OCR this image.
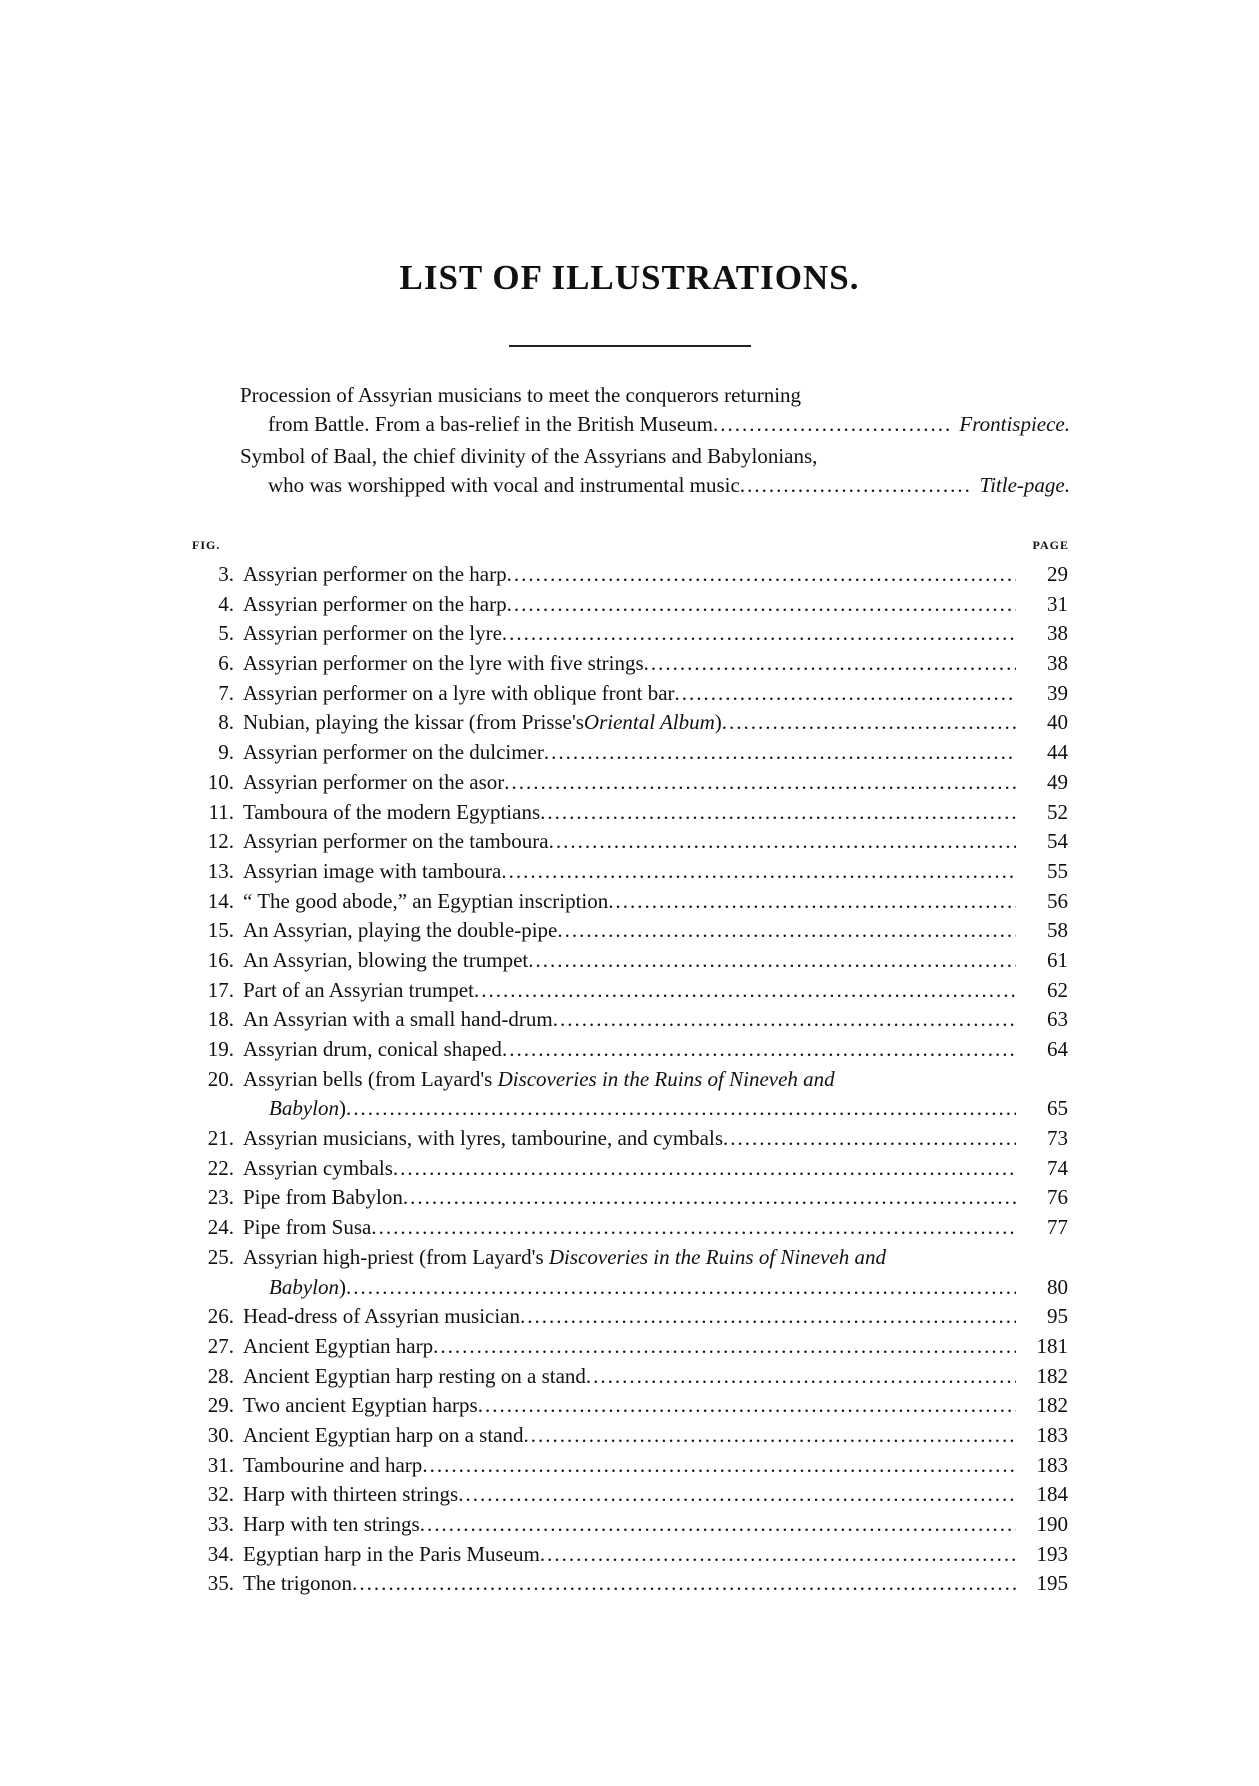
LIST OF ILLUSTRATIONS.
Procession of Assyrian musicians to meet the conquerors returning
from Battle. From a bas-relief in the British Museum .....	Frontispiece.
Symbol of Baal, the chief divinity of the Assyrians and Babylonians,
who was worshipped with vocal and instrumental music .....	Title-page.
FIG.	PAGE
3. Assyrian performer on the harp .....	29
4. Assyrian performer on the harp .....	31
5. Assyrian performer on the lyre .....	38
6. Assyrian performer on the lyre with five strings .....	38
7. Assyrian performer on a lyre with oblique front bar .....	39
8. Nubian, playing the kissar (from Prisse's Oriental Album ) .....	40
9. Assyrian performer on the dulcimer .....	44
10. Assyrian performer on the asor .....	49
11. Tamboura of the modern Egyptians .....	52
12. Assyrian performer on the tamboura .....	54
13. Assyrian image with tamboura .....	55
14. “ The good abode,” an Egyptian inscription .....	56
15. An Assyrian, playing the double-pipe .....	58
16. An Assyrian, blowing the trumpet .....	61
17. Part of an Assyrian trumpet .....	62
18. An Assyrian with a small hand-drum .....	63
19. Assyrian drum, conical shaped .....	64
20. Assyrian bells (from Layard's Discoveries in the Ruins of Nineveh and
Babylon ) .....	65
21. Assyrian musicians, with lyres, tambourine, and cymbals .....	73
22. Assyrian cymbals .....	74
23. Pipe from Babylon .....	76
24. Pipe from Susa .....	77
25. Assyrian high-priest (from Layard's Discoveries in the Ruins of Nineveh and
Babylon ) .....	80
26. Head-dress of Assyrian musician .....	95
27. Ancient Egyptian harp .....	181
28. Ancient Egyptian harp resting on a stand .....	182
29. Two ancient Egyptian harps .....	182
30. Ancient Egyptian harp on a stand .....	183
31. Tambourine and harp .....	183
32. Harp with thirteen strings .....	184
33. Harp with ten strings .....	190
34. Egyptian harp in the Paris Museum .....	193
35. The trigonon .....	195
